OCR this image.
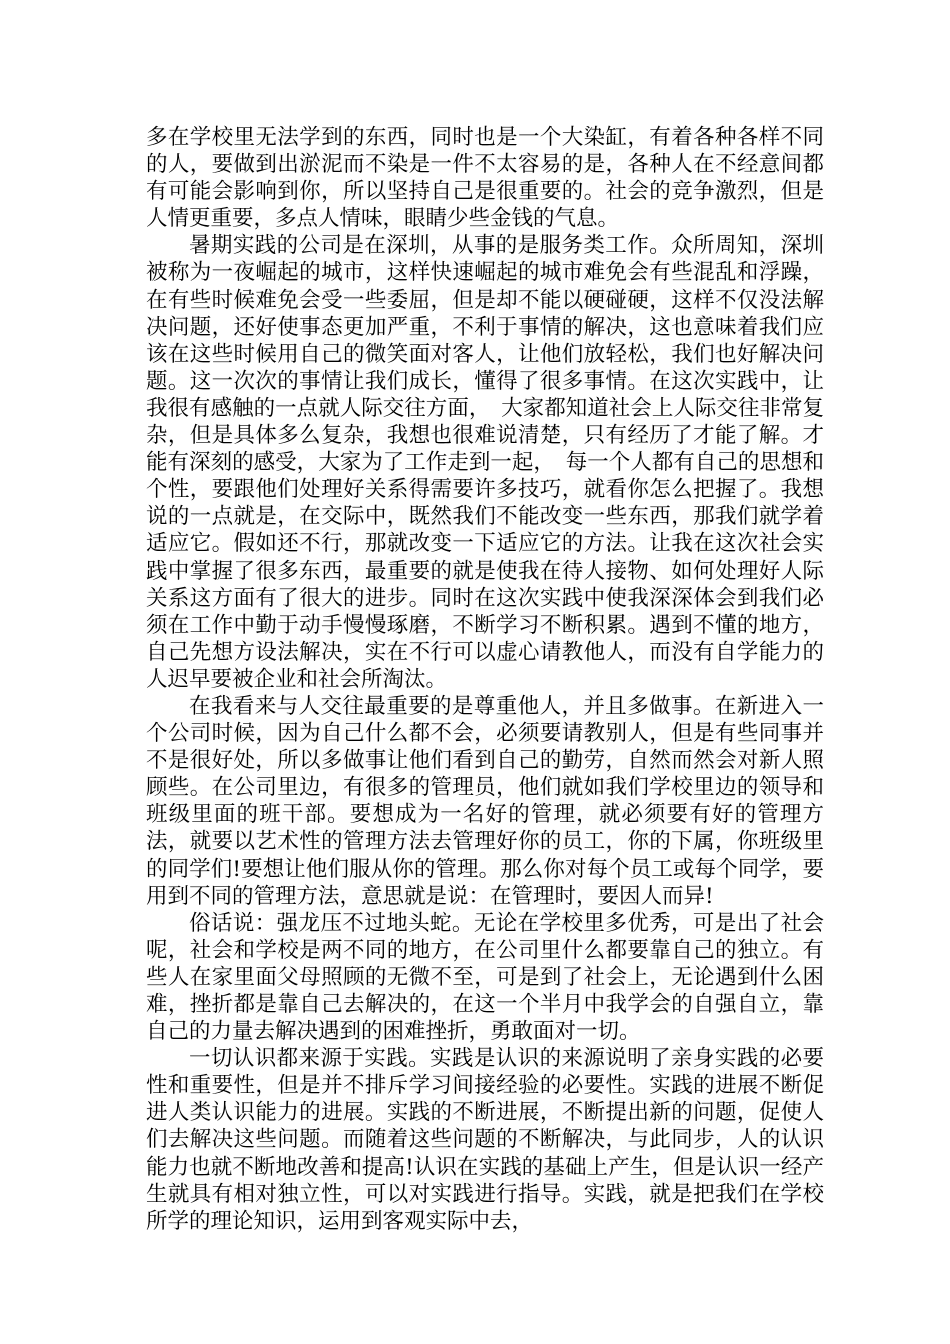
多在学校里无法学到的东西，同时也是一个大染缸，有着各种各样不同的人，要做到出淤泥而不染是一件不太容易的是，各种人在不经意间都有可能会影响到你，所以坚持自己是很重要的。社会的竞争激烈，但是人情更重要，多点人情味，眼睛少些金钱的气息。

暑期实践的公司是在深圳，从事的是服务类工作。众所周知，深圳被称为一夜崛起的城市，这样快速崛起的城市难免会有些混乱和浮躁，在有些时候难免会受一些委屈，但是却不能以硬碰硬，这样不仅没法解决问题，还好使事态更加严重，不利于事情的解决，这也意味着我们应该在这些时候用自己的微笑面对客人，让他们放轻松，我们也好解决问题。这一次次的事情让我们成长，懂得了很多事情。在这次实践中，让我很有感触的一点就人际交往方面，　大家都知道社会上人际交往非常复杂，但是具体多么复杂，我想也很难说清楚，只有经历了才能了解。才能有深刻的感受，大家为了工作走到一起，　每一个人都有自己的思想和个性，要跟他们处理好关系得需要许多技巧，就看你怎么把握了。我想说的一点就是，在交际中，既然我们不能改变一些东西，那我们就学着适应它。假如还不行，那就改变一下适应它的方法。让我在这次社会实践中掌握了很多东西，最重要的就是使我在待人接物、如何处理好人际关系这方面有了很大的进步。同时在这次实践中使我深深体会到我们必须在工作中勤于动手慢慢琢磨，不断学习不断积累。遇到不懂的地方，自己先想方设法解决，实在不行可以虚心请教他人，而没有自学能力的人迟早要被企业和社会所淘汰。

在我看来与人交往最重要的是尊重他人，并且多做事。在新进入一个公司时候，因为自己什么都不会，必须要请教别人，但是有些同事并不是很好处，所以多做事让他们看到自己的勤劳，自然而然会对新人照顾些。在公司里边，有很多的管理员，他们就如我们学校里边的领导和班级里面的班干部。要想成为一名好的管理，就必须要有好的管理方法，就要以艺术性的管理方法去管理好你的员工，你的下属，你班级里的同学们!要想让他们服从你的管理。那么你对每个员工或每个同学，要用到不同的管理方法，意思就是说：在管理时，要因人而异!

俗话说：强龙压不过地头蛇。无论在学校里多优秀，可是出了社会呢，社会和学校是两不同的地方，在公司里什么都要靠自己的独立。有些人在家里面父母照顾的无微不至，可是到了社会上，无论遇到什么困难，挫折都是靠自己去解决的，在这一个半月中我学会的自强自立，靠自己的力量去解决遇到的困难挫折，勇敢面对一切。

一切认识都来源于实践。实践是认识的来源说明了亲身实践的必要性和重要性，但是并不排斥学习间接经验的必要性。实践的进展不断促进人类认识能力的进展。实践的不断进展，不断提出新的问题，促使人们去解决这些问题。而随着这些问题的不断解决，与此同步，人的认识能力也就不断地改善和提高!认识在实践的基础上产生，但是认识一经产生就具有相对独立性，可以对实践进行指导。实践，就是把我们在学校所学的理论知识，运用到客观实际中去，
